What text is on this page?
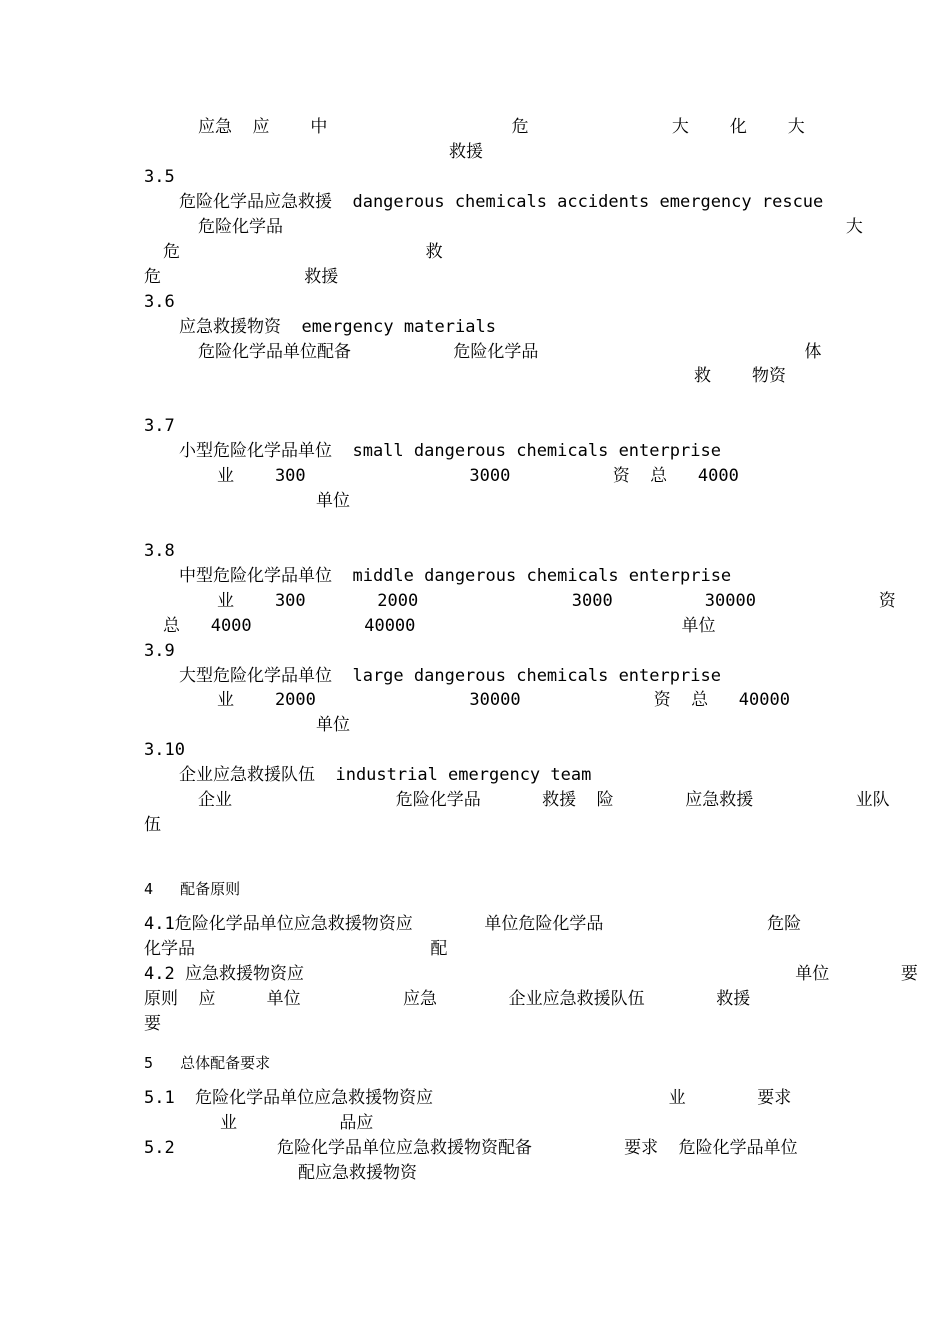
应急  应    中                  危              大    化    大
救援
3.5
危险化学品应急救援  dangerous chemicals accidents emergency rescue
危险化学品                                                       大
危                        救
危              救援
3.6
应急救援物资  emergency materials
危险化学品单位配备          危险化学品                          体
救    物资
3.7
小型危险化学品单位  small dangerous chemicals enterprise
业    300                3000          资  总   4000
单位
3.8
中型危险化学品单位  middle dangerous chemicals enterprise
业    300       2000               3000         30000            资
总   4000           40000                          单位
3.9
大型危险化学品单位  large dangerous chemicals enterprise
业    2000               30000             资  总   40000
单位
3.10
企业应急救援队伍  industrial emergency team
企业                危险化学品      救援  险       应急救援          业队
伍
4   配备原则
4.1危险化学品单位应急救援物资应       单位危险化学品                危险
化学品                       配
4.2 应急救援物资应                                                单位       要
原则  应     单位          应急       企业应急救援队伍       救援
要
5   总体配备要求
5.1  危险化学品单位应急救援物资应                       业       要求
业          品应
5.2          危险化学品单位应急救援物资配备         要求  危险化学品单位
配应急救援物资
